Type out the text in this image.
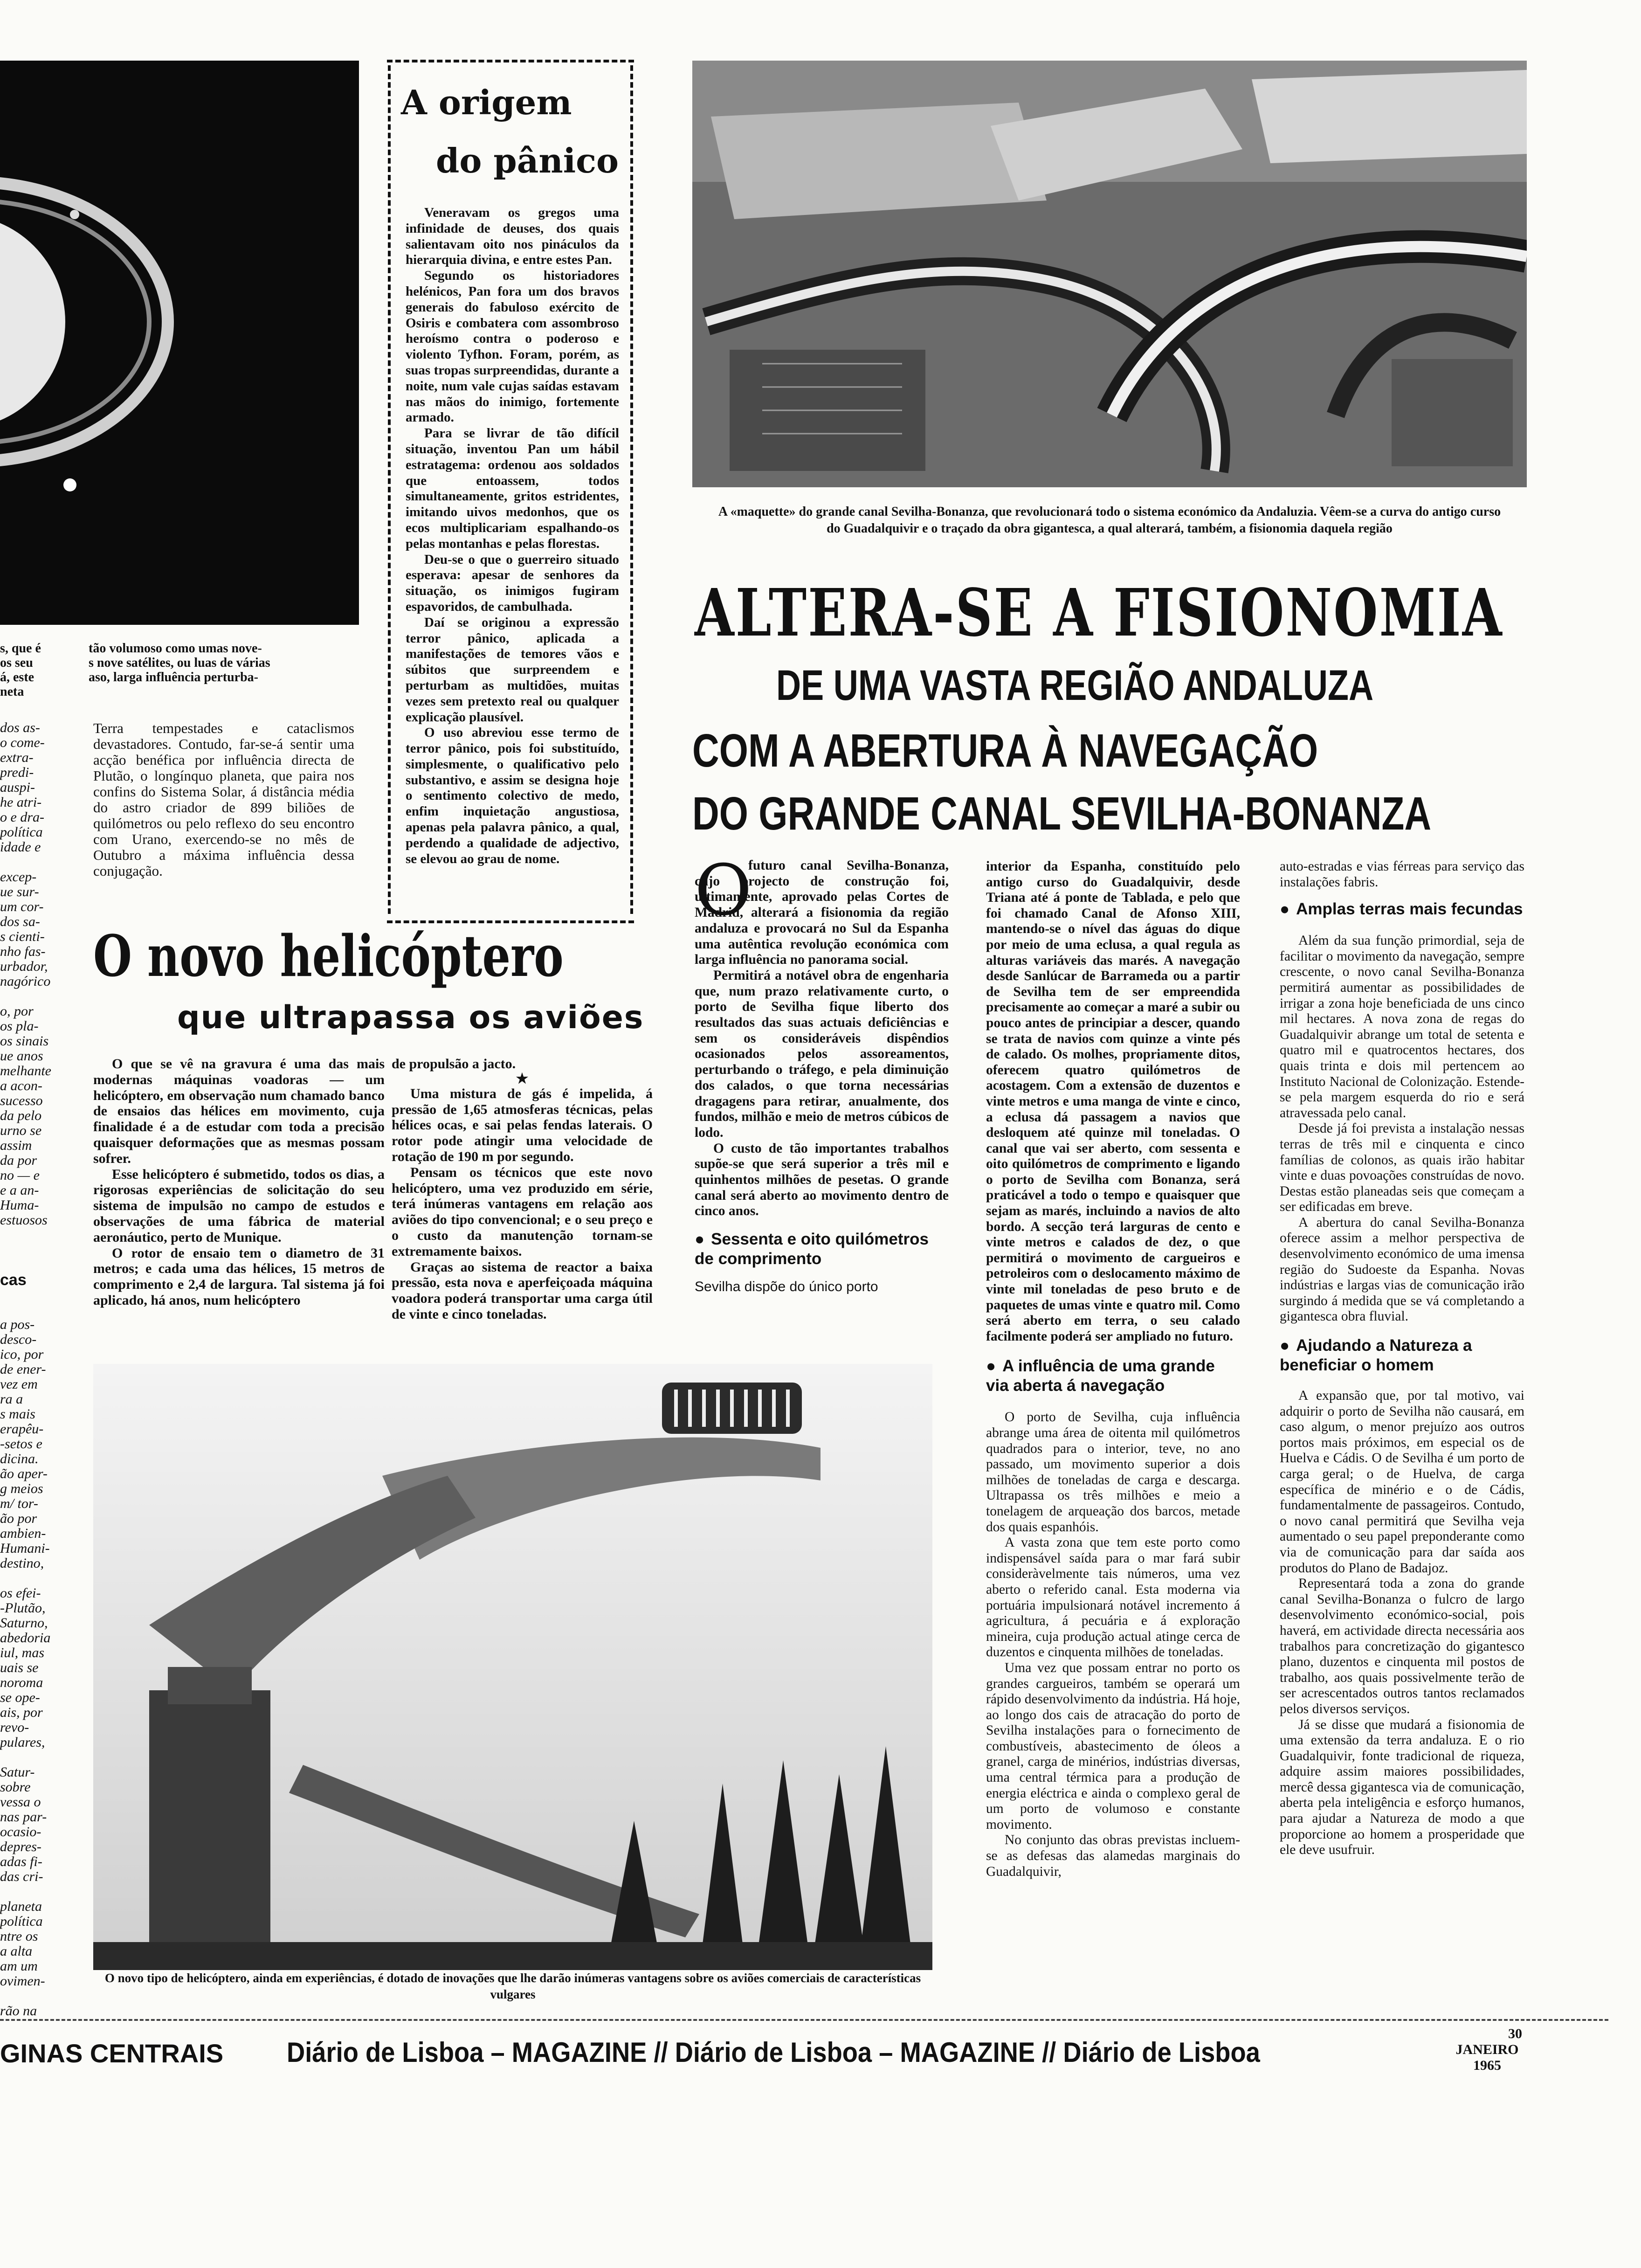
s, que é
os seu
á, este
neta
tão volumoso como umas nove-
s nove satélites, ou luas de várias
aso, larga influência perturba-
dos as-
o come-
extra-
predi-
auspi-
he atri-
o e dra-
política
idade e

excep-
ue sur-
um cor-
dos sa-
s cienti-
nho fas-
urbador,
nagórico

o, por
os pla-
os sinais
ue anos
melhante
a acon-
sucesso
da pelo
urno se
assim
da por
no — e
e a an-
Huma-
estuosos

cas

a pos-
desco-
ico, por
de ener-
vez em
ra a
s mais
erapêu-
-setos e
dicina.
ão aper-
g meios
m/ tor-
ão por
ambien-
Humani-
destino,

os efei-
-Plutão,
Saturno,
abedoria
iul, mas
uais se
noroma
se ope-
ais, por
revo-
pulares,

Satur-
sobre
vessa o
nas par-
ocasio-
depres-
adas fi-
das cri-

planeta
política
ntre os
a alta
am um
ovimen-

rão na

Terra tempestades e cataclismos devastadores. Contudo, far-se-á sentir uma acção benéfica por influência directa de Plutão, o longínquo planeta, que paira nos confins do Sistema Solar, á distância média do astro criador de 899 biliões de quilómetros ou pelo reflexo do seu encontro com Urano, exercendo-se no mês de Outubro a máxima influência dessa conjugação.

A origem
do pânico

Veneravam os gregos uma infinidade de deuses, dos quais salientavam oito nos pináculos da hierarquia divina, e entre estes Pan.

Segundo os historiadores helénicos, Pan fora um dos bravos generais do fabuloso exército de Osiris e combatera com assombroso heroísmo contra o poderoso e violento Tyfhon. Foram, porém, as suas tropas surpreendidas, durante a noite, num vale cujas saídas estavam nas mãos do inimigo, fortemente armado.

Para se livrar de tão difícil situação, inventou Pan um hábil estratagema: ordenou aos soldados que entoassem, todos simultaneamente, gritos estridentes, imitando uivos medonhos, que os ecos multiplicariam espalhando-os pelas montanhas e pelas florestas.

Deu-se o que o guerreiro situado esperava: apesar de senhores da situação, os inimigos fugiram espavoridos, de cambulhada.

Daí se originou a expressão terror pânico, aplicada a manifestações de temores vãos e súbitos que surpreendem e perturbam as multidões, muitas vezes sem pretexto real ou qualquer explicação plausível.

O uso abreviou esse termo de terror pânico, pois foi substituído, simplesmente, o qualificativo pelo substantivo, e assim se designa hoje o sentimento colectivo de medo, enfim inquietação angustiosa, apenas pela palavra pânico, a qual, perdendo a qualidade de adjectivo, se elevou ao grau de nome.

A «maquette» do grande canal Sevilha-Bonanza, que revolucionará todo o sistema económico da Andaluzia. Vêem-se a curva do antigo curso do Guadalquivir e o traçado da obra gigantesca, a qual alterará, também, a fisionomia daquela região
ALTERA-SE A FISIONOMIA
DE UMA VASTA REGIÃO ANDALUZA
COM A ABERTURA À NAVEGAÇÃO
DO GRANDE CANAL SEVILHA-BONANZA
O

futuro canal Sevilha-Bonanza, cujo projecto de construção foi, ultimamente, aprovado pelas Cortes de Madrid, alterará a fisionomia da região andaluza e provocará no Sul da Espanha uma autêntica revolução económica com larga influência no panorama social.

Permitirá a notável obra de engenharia que, num prazo relativamente curto, o porto de Sevilha fique liberto dos resultados das suas actuais deficiências e sem os consideráveis dispêndios ocasionados pelos assoreamentos, perturbando o tráfego, e pela diminuição dos calados, o que torna necessárias dragagens para retirar, anualmente, dos fundos, milhão e meio de metros cúbicos de lodo.

O custo de tão importantes trabalhos supõe-se que será superior a três mil e quinhentos milhões de pesetas. O grande canal será aberto ao movimento dentro de cinco anos.

● Sessenta e oito quilómetros de comprimento

Sevilha dispõe do único porto

interior da Espanha, constituído pelo antigo curso do Guadalquivir, desde Triana até á ponte de Tablada, e pelo que foi chamado Canal de Afonso XIII, mantendo-se o nível das águas do dique por meio de uma eclusa, a qual regula as alturas variáveis das marés. A navegação desde Sanlúcar de Barrameda ou a partir de Sevilha tem de ser empreendida precisamente ao começar a maré a subir ou pouco antes de principiar a descer, quando se trata de navios com quinze a vinte pés de calado. Os molhes, propriamente ditos, oferecem quatro quilómetros de acostagem. Com a extensão de duzentos e vinte metros e uma manga de vinte e cinco, a eclusa dá passagem a navios que desloquem até quinze mil toneladas. O canal que vai ser aberto, com sessenta e oito quilómetros de comprimento e ligando o porto de Sevilha com Bonanza, será praticável a todo o tempo e quaisquer que sejam as marés, incluindo a navios de alto bordo. A secção terá larguras de cento e vinte metros e calados de dez, o que permitirá o movimento de cargueiros e petroleiros com o deslocamento máximo de vinte mil toneladas de peso bruto e de paquetes de umas vinte e quatro mil. Como será aberto em terra, o seu calado facilmente poderá ser ampliado no futuro.

● A influência de uma grande via aberta á navegação

O porto de Sevilha, cuja influência abrange uma área de oitenta mil quilómetros quadrados para o interior, teve, no ano passado, um movimento superior a dois milhões de toneladas de carga e descarga. Ultrapassa os três milhões e meio a tonelagem de arqueação dos barcos, metade dos quais espanhóis.

A vasta zona que tem este porto como indispensável saída para o mar fará subir consideràvelmente tais números, uma vez aberto o referido canal. Esta moderna via portuária impulsionará notável incremento á agricultura, á pecuária e á exploração mineira, cuja produção actual atinge cerca de duzentos e cinquenta milhões de toneladas.

Uma vez que possam entrar no porto os grandes cargueiros, também se operará um rápido desenvolvimento da indústria. Há hoje, ao longo dos cais de atracação do porto de Sevilha instalações para o fornecimento de combustíveis, abastecimento de óleos a granel, carga de minérios, indústrias diversas, uma central térmica para a produção de energia eléctrica e ainda o complexo geral de um porto de volumoso e constante movimento.

No conjunto das obras previstas incluem-se as defesas das alamedas marginais do Guadalquivir,

auto-estradas e vias férreas para serviço das instalações fabris.

● Amplas terras mais fecundas

Além da sua função primordial, seja de facilitar o movimento da navegação, sempre crescente, o novo canal Sevilha-Bonanza permitirá aumentar as possibilidades de irrigar a zona hoje beneficiada de uns cinco mil hectares. A nova zona de regas do Guadalquivir abrange um total de setenta e quatro mil e quatrocentos hectares, dos quais trinta e dois mil pertencem ao Instituto Nacional de Colonização. Estende-se pela margem esquerda do rio e será atravessada pelo canal.

Desde já foi prevista a instalação nessas terras de três mil e cinquenta e cinco famílias de colonos, as quais irão habitar vinte e duas povoações construídas de novo. Destas estão planeadas seis que começam a ser edificadas em breve.

A abertura do canal Sevilha-Bonanza oferece assim a melhor perspectiva de desenvolvimento económico de uma imensa região do Sudoeste da Espanha. Novas indústrias e largas vias de comunicação irão surgindo á medida que se vá completando a gigantesca obra fluvial.

● Ajudando a Natureza a beneficiar o homem

A expansão que, por tal motivo, vai adquirir o porto de Sevilha não causará, em caso algum, o menor prejuízo aos outros portos mais próximos, em especial os de Huelva e Cádis. O de Sevilha é um porto de carga geral; o de Huelva, de carga específica de minério e o de Cádis, fundamentalmente de passageiros. Contudo, o novo canal permitirá que Sevilha veja aumentado o seu papel preponderante como via de comunicação para dar saída aos produtos do Plano de Badajoz.

Representará toda a zona do grande canal Sevilha-Bonanza o fulcro de largo desenvolvimento económico-social, pois haverá, em actividade directa necessária aos trabalhos para concretização do gigantesco plano, duzentos e cinquenta mil postos de trabalho, aos quais possivelmente terão de ser acrescentados outros tantos reclamados pelos diversos serviços.

Já se disse que mudará a fisionomia de uma extensão da terra andaluza. E o rio Guadalquivir, fonte tradicional de riqueza, adquire assim maiores possibilidades, mercê dessa gigantesca via de comunicação, aberta pela inteligência e esforço humanos, para ajudar a Natureza de modo a que proporcione ao homem a prosperidade que ele deve usufruir.

O novo helicóptero
que ultrapassa os aviões

O que se vê na gravura é uma das mais modernas máquinas voadoras — um helicóptero, em observação num chamado banco de ensaios das hélices em movimento, cuja finalidade é a de estudar com toda a precisão quaisquer deformações que as mesmas possam sofrer.

Esse helicóptero é submetido, todos os dias, a rigorosas experiências de solicitação do seu sistema de impulsão no campo de estudos e observações de uma fábrica de material aeronáutico, perto de Munique.

O rotor de ensaio tem o diametro de 31 metros; e cada uma das hélices, 15 metros de comprimento e 2,4 de largura. Tal sistema já foi aplicado, há anos, num helicóptero

de propulsão a jacto.

★

Uma mistura de gás é impelida, á pressão de 1,65 atmosferas técnicas, pelas hélices ocas, e sai pelas fendas laterais. O rotor pode atingir uma velocidade de rotação de 190 m por segundo.

Pensam os técnicos que este novo helicóptero, uma vez produzido em série, terá inúmeras vantagens em relação aos aviões do tipo convencional; e o seu preço e o custo da manutenção tornam-se extremamente baixos.

Graças ao sistema de reactor a baixa pressão, esta nova e aperfeiçoada máquina voadora poderá transportar uma carga útil de vinte e cinco toneladas.

O novo tipo de helicóptero, ainda em experiências, é dotado de inovações que lhe darão inúmeras vantagens sobre os aviões comerciais de características vulgares
GINAS CENTRAIS Diário de Lisboa – MAGAZINE // Diário de Lisboa – MAGAZINE // Diário de Lisboa
30
JANEIRO
1965
